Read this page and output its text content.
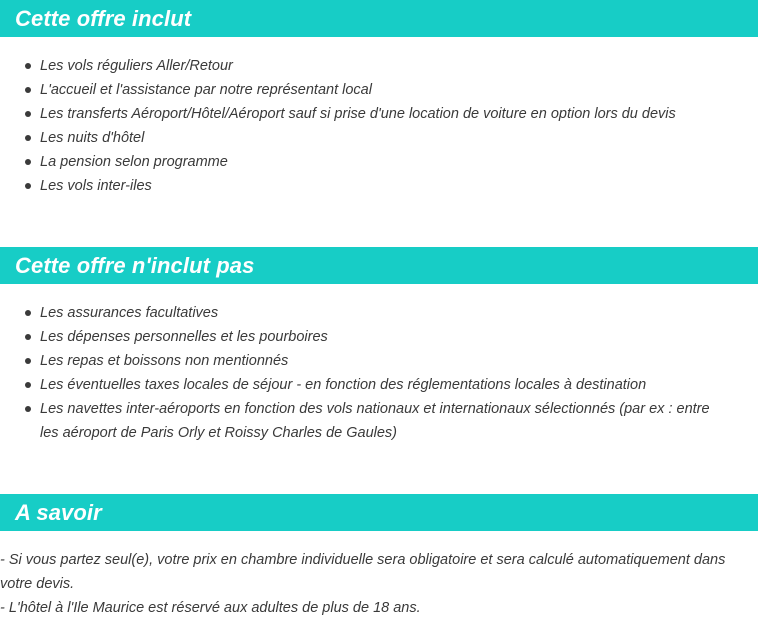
Cette offre inclut
Les vols réguliers Aller/Retour
L'accueil et l'assistance par notre représentant local
Les transferts Aéroport/Hôtel/Aéroport sauf si prise d'une location de voiture en option lors du devis
Les nuits d'hôtel
La pension selon programme
Les vols inter-iles
Cette offre n'inclut pas
Les assurances facultatives
Les dépenses personnelles et les pourboires
Les repas et boissons non mentionnés
Les éventuelles taxes locales de séjour - en fonction des réglementations locales à destination
Les navettes inter-aéroports en fonction des vols nationaux et internationaux sélectionnés (par ex : entre les aéroport de Paris Orly et Roissy Charles de Gaules)
A savoir

- Si vous partez seul(e), votre prix en chambre individuelle sera obligatoire et sera calculé automatiquement dans votre devis.

- L'hôtel à l'Ile Maurice est réservé aux adultes de plus de 18 ans.
